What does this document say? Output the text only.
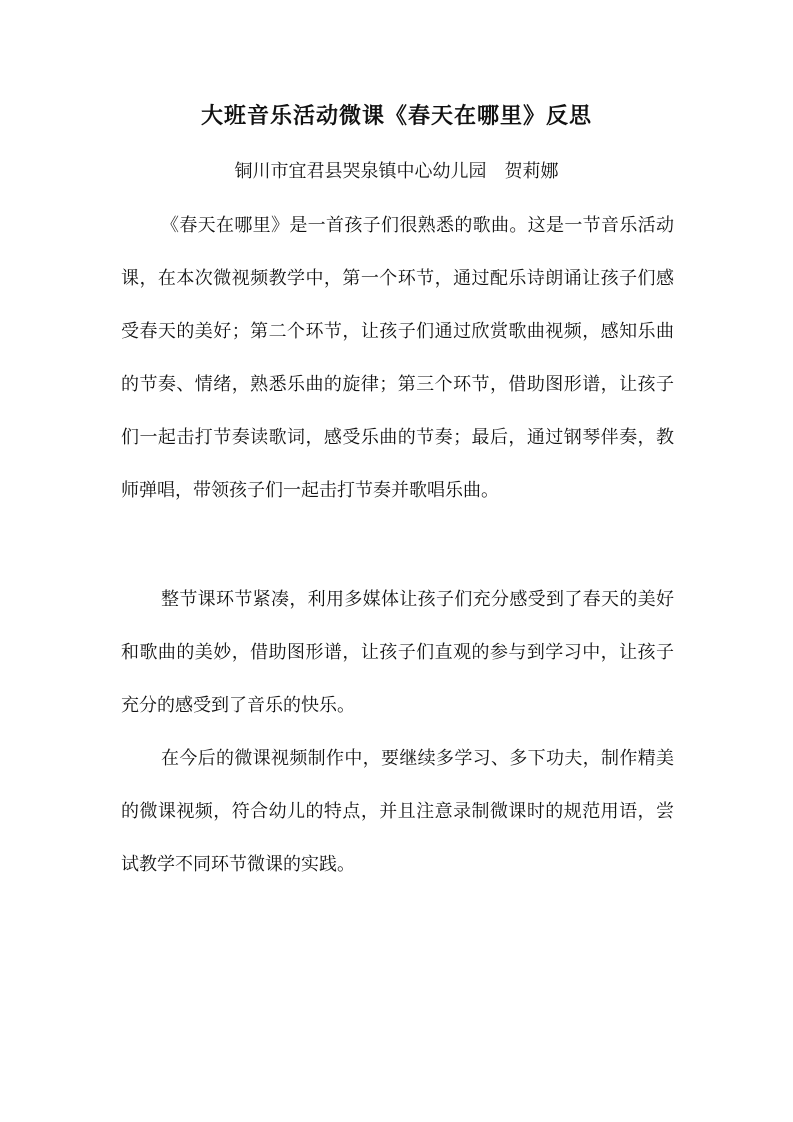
大班音乐活动微课《春天在哪里》反思
铜川市宜君县哭泉镇中心幼儿园　贺莉娜

《春天在哪里》是一首孩子们很熟悉的歌曲。这是一节音乐活动课，在本次微视频教学中，第一个环节，通过配乐诗朗诵让孩子们感受春天的美好；第二个环节，让孩子们通过欣赏歌曲视频，感知乐曲的节奏、情绪，熟悉乐曲的旋律；第三个环节，借助图形谱，让孩子们一起击打节奏读歌词，感受乐曲的节奏；最后，通过钢琴伴奏，教师弹唱，带领孩子们一起击打节奏并歌唱乐曲。

整节课环节紧凑，利用多媒体让孩子们充分感受到了春天的美好和歌曲的美妙，借助图形谱，让孩子们直观的参与到学习中，让孩子充分的感受到了音乐的快乐。

在今后的微课视频制作中，要继续多学习、多下功夫，制作精美的微课视频，符合幼儿的特点，并且注意录制微课时的规范用语，尝试教学不同环节微课的实践。
